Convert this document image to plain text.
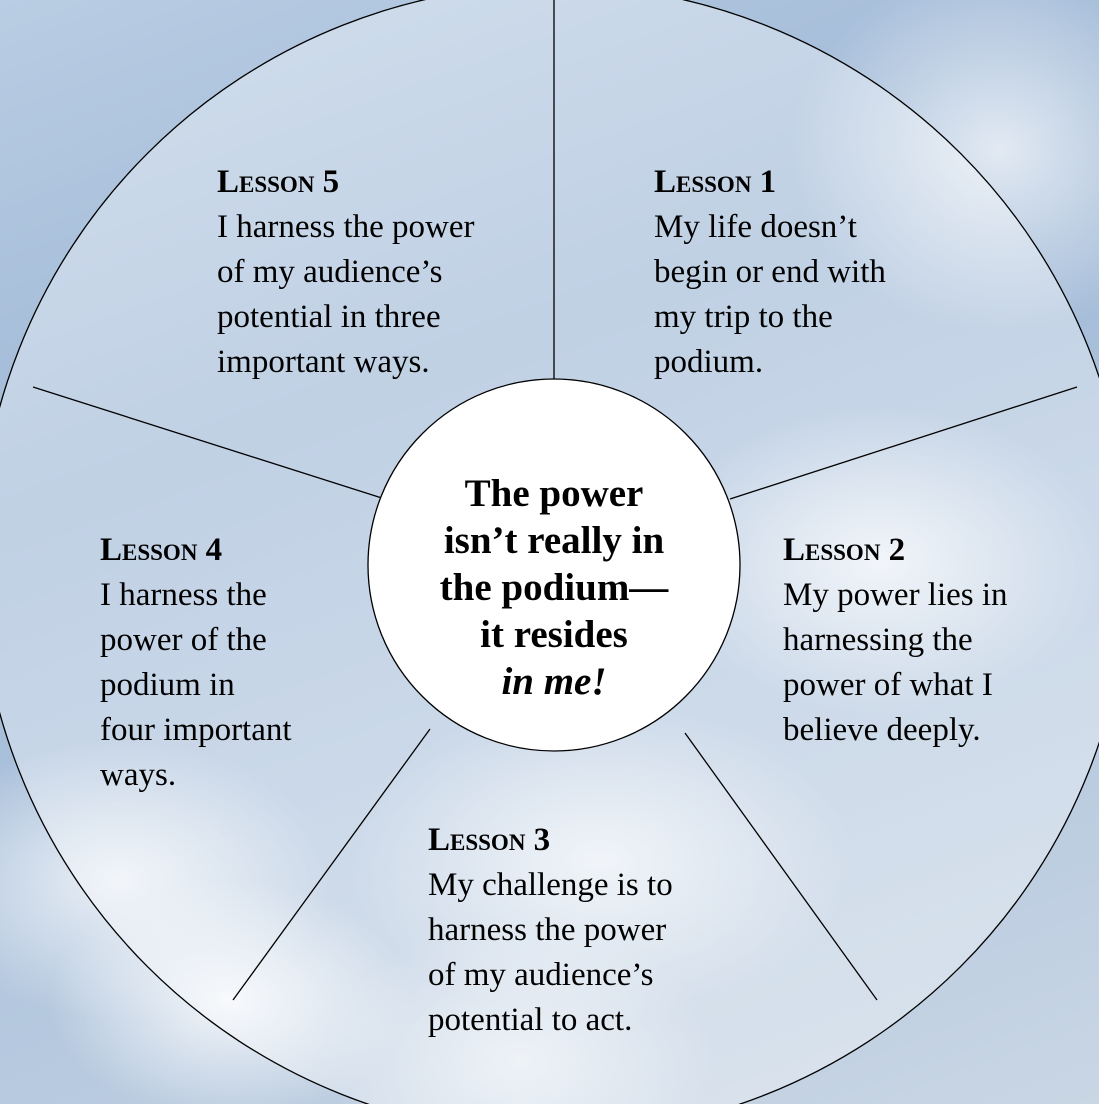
The power
isn’t really in
the podium—
it resides
in me!
Lesson 1
My life doesn’t
begin or end with
my trip to the
podium.
Lesson 2
My power lies in
harnessing the
power of what I
believe deeply.
Lesson 3
My challenge is to
harness the power
of my audience’s
potential to act.
Lesson 4
I harness the
power of the
podium in
four important
ways.
Lesson 5
I harness the power
of my audience’s
potential in three
important ways.
